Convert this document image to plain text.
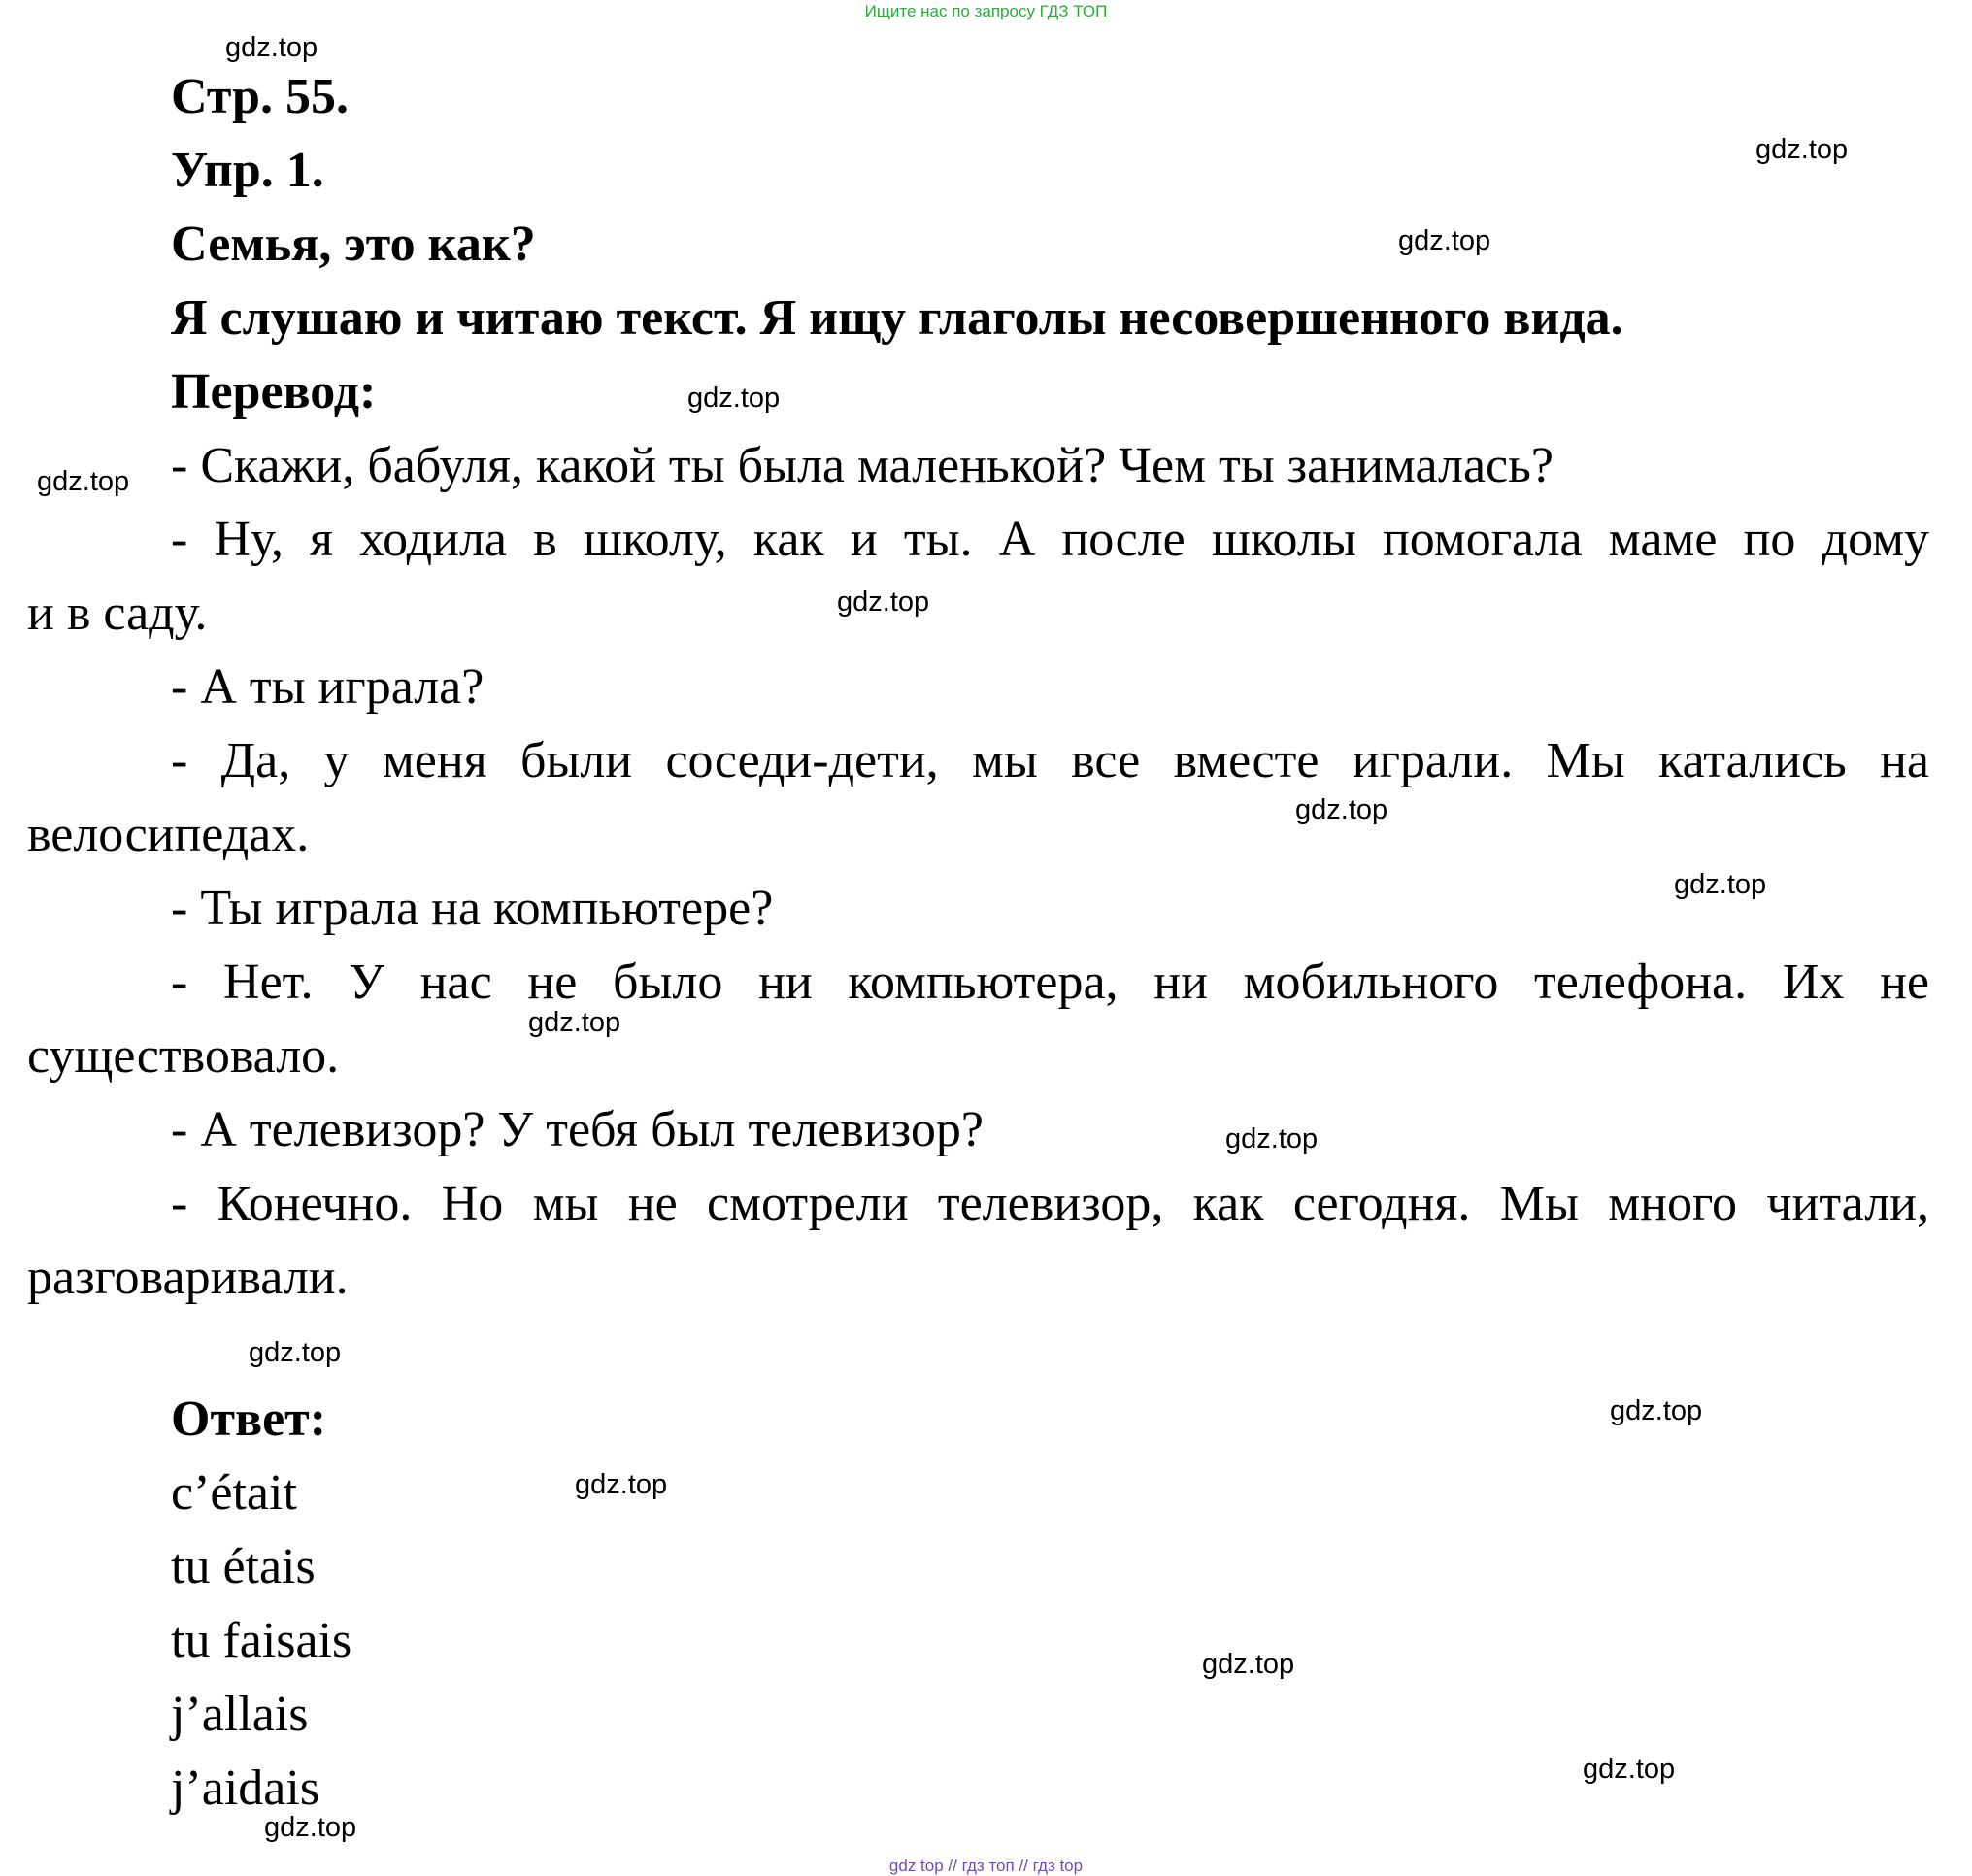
Ищите нас по запросу ГДЗ ТОП
Стр. 55.
Упр. 1.
Семья, это как?
Я слушаю и читаю текст. Я ищу глаголы несовершенного вида.
Перевод:
- Скажи, бабуля, какой ты была маленькой? Чем ты занималась?
- Ну, я ходила в школу, как и ты. А после школы помогала маме по дому
и в саду.
- А ты играла?
- Да, у меня были соседи-дети, мы все вместе играли. Мы катались на
велосипедах.
- Ты играла на компьютере?
- Нет. У нас не было ни компьютера, ни мобильного телефона. Их не
существовало.
- А телевизор? У тебя был телевизор?
- Конечно. Но мы не смотрели телевизор, как сегодня. Мы много читали,
разговаривали.
Ответ:
c’était
tu étais
tu faisais
j’allais
j’aidais
gdz.top
gdz.top
gdz.top
gdz.top
gdz.top
gdz.top
gdz.top
gdz.top
gdz.top
gdz.top
gdz.top
gdz.top
gdz.top
gdz.top
gdz.top
gdz.top
gdz top // гдз топ // гдз top
